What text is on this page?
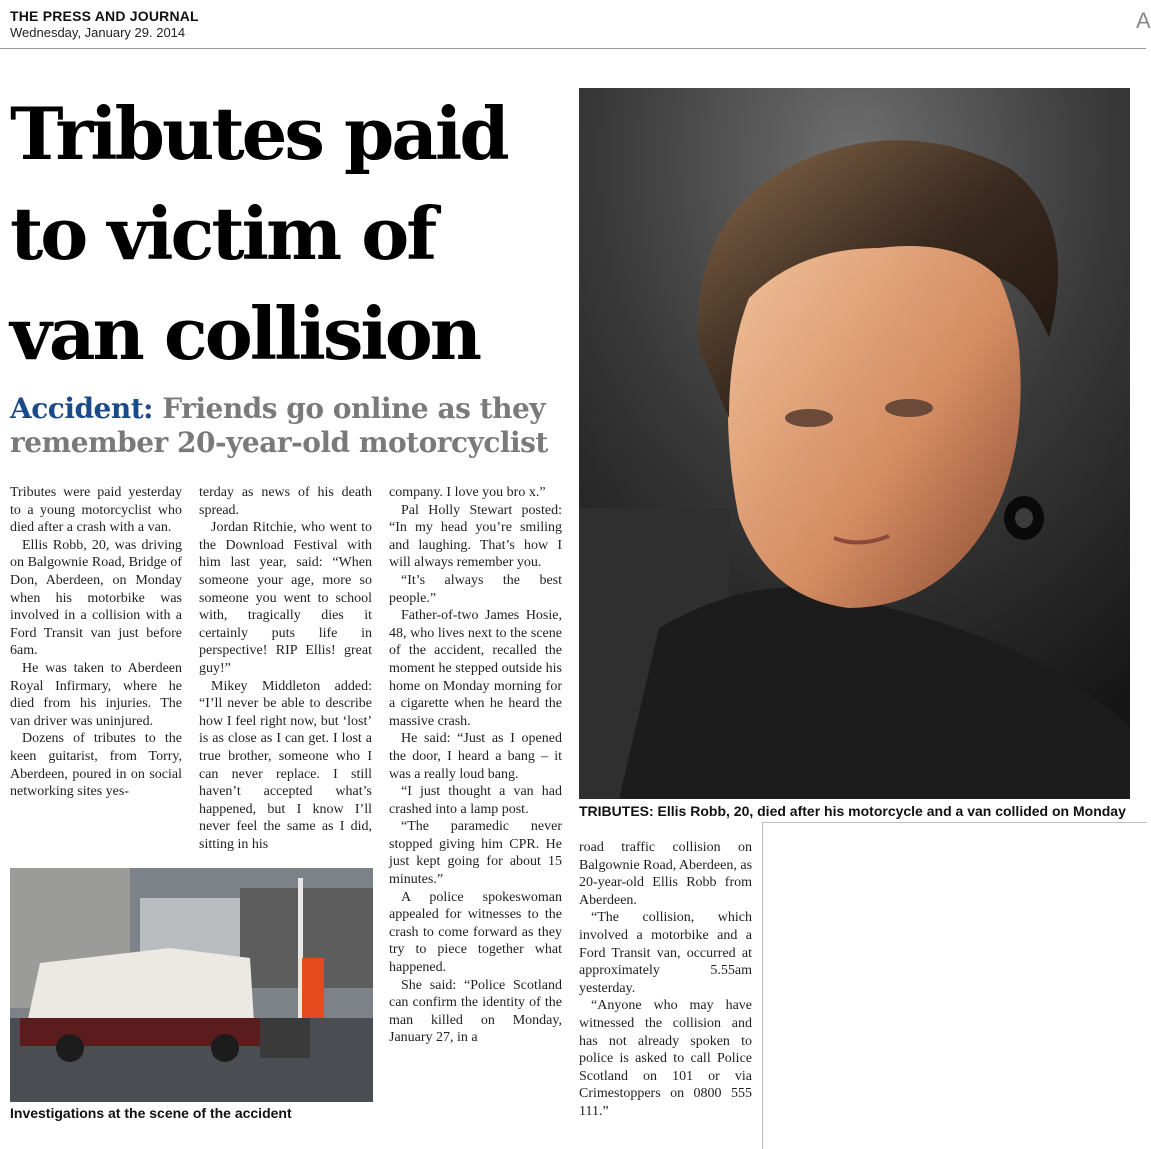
THE PRESS AND JOURNAL
Wednesday, January 29. 2014	A
Tributes paid to victim of van collision
Accident: Friends go online as they remember 20-year-old motorcyclist

Tributes were paid yesterday to a young motorcyclist who died after a crash with a van.

Ellis Robb, 20, was driving on Balgownie Road, Bridge of Don, Aberdeen, on Monday when his motorbike was involved in a collision with a Ford Transit van just before 6am.

He was taken to Aberdeen Royal Infirmary, where he died from his injuries. The van driver was uninjured.

Dozens of tributes to the keen guitarist, from Torry, Aberdeen, poured in on social networking sites yes-

terday as news of his death spread.

Jordan Ritchie, who went to the Download Festival with him last year, said: “When someone your age, more so someone you went to school with, tragically dies it certainly puts life in perspective! RIP Ellis! great guy!”

Mikey Middleton added: “I’ll never be able to describe how I feel right now, but ‘lost’ is as close as I can get. I lost a true brother, someone who I can never replace. I still haven’t accepted what’s happened, but I know I’ll never feel the same as I did, sitting in his

company. I love you bro x.”

Pal Holly Stewart posted: “In my head you’re smiling and laughing. That’s how I will always remember you.

“It’s always the best people.”

Father-of-two James Hosie, 48, who lives next to the scene of the accident, recalled the moment he stepped outside his home on Monday morning for a cigarette when he heard the massive crash.

He said: “Just as I opened the door, I heard a bang – it was a really loud bang.

“I just thought a van had crashed into a lamp post.

“The paramedic never stopped giving him CPR. He just kept going for about 15 minutes.”

A police spokeswoman appealed for witnesses to the crash to come forward as they try to piece together what happened.

She said: “Police Scotland can confirm the identity of the man killed on Monday, January 27, in a

road traffic collision on Balgownie Road, Aberdeen, as 20-year-old Ellis Robb from Aberdeen.

“The collision, which involved a motorbike and a Ford Transit van, occurred at approximately 5.55am yesterday.

“Anyone who may have witnessed the collision and has not already spoken to police is asked to call Police Scotland on 101 or via Crimestoppers on 0800 555 111.”

TRIBUTES: Ellis Robb, 20, died after his motorcycle and a van collided on Monday
Investigations at the scene of the accident
